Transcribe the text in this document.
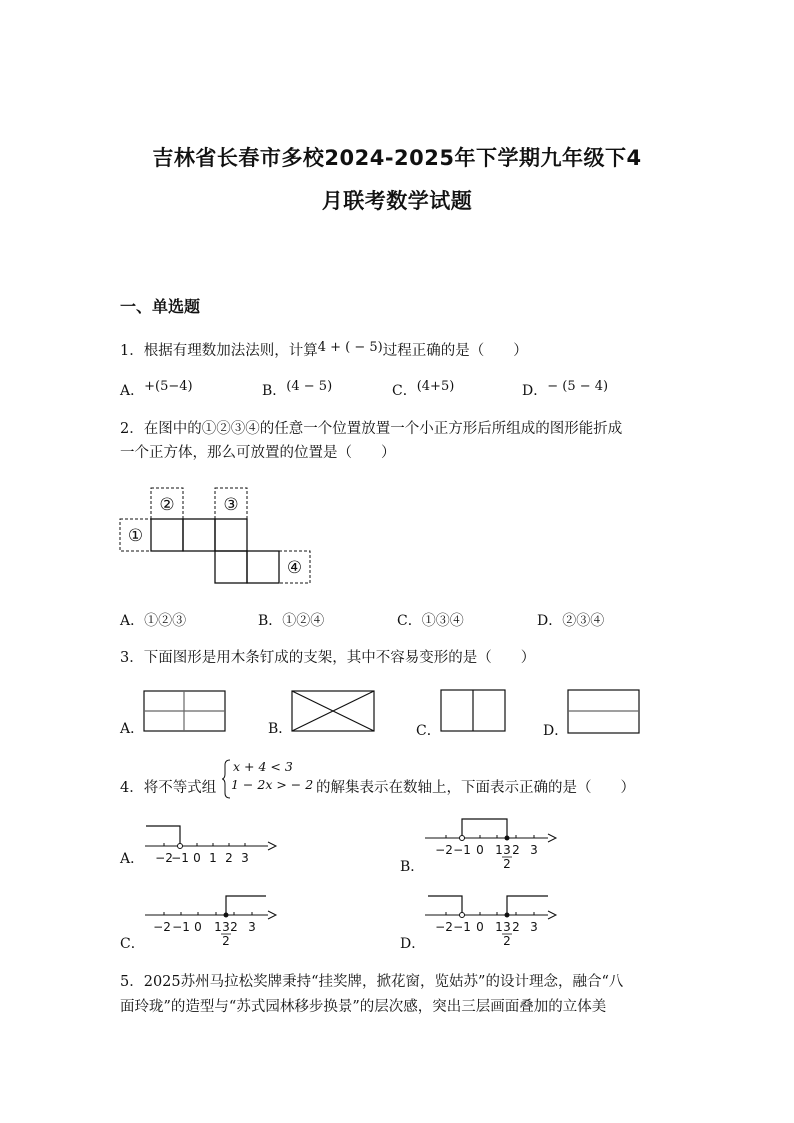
吉林省长春市多校2024-2025年下学期九年级下4
月联考数学试题
一、单选题
1．根据有理数加法法则，计算4 + ( − 5)过程正确的是（　　）
A．+(5−4)	B．(4 − 5)	C．(4+5)	D．− (5 − 4)
2．在图中的①②③④的任意一个位置放置一个小正方形后所组成的图形能折成
一个正方体，那么可放置的位置是（　　）
①
②	③
④
A．①②③	B．①②④	C．①③④	D．②③④
3．下面图形是用木条钉成的支架，其中不容易变形的是（　　）
A．	B．	C．	D．
4．将不等式组
x + 4 < 3
1 − 2x > − 2 的解集表示在数轴上，下面表示正确的是（　　）
A．	B．
C．	D．
−2
−1 0 1 2 3
−2 −1 0 1 3 2 3
2
−2 −1 0 1 3 2 3
2
−2 −1 0 1 3 2 3
2
5．2025苏州马拉松奖牌秉持“挂奖牌，掀花窗，览姑苏”的设计理念，融合“八
面玲珑”的造型与“苏式园林移步换景”的层次感，突出三层画面叠加的立体美
